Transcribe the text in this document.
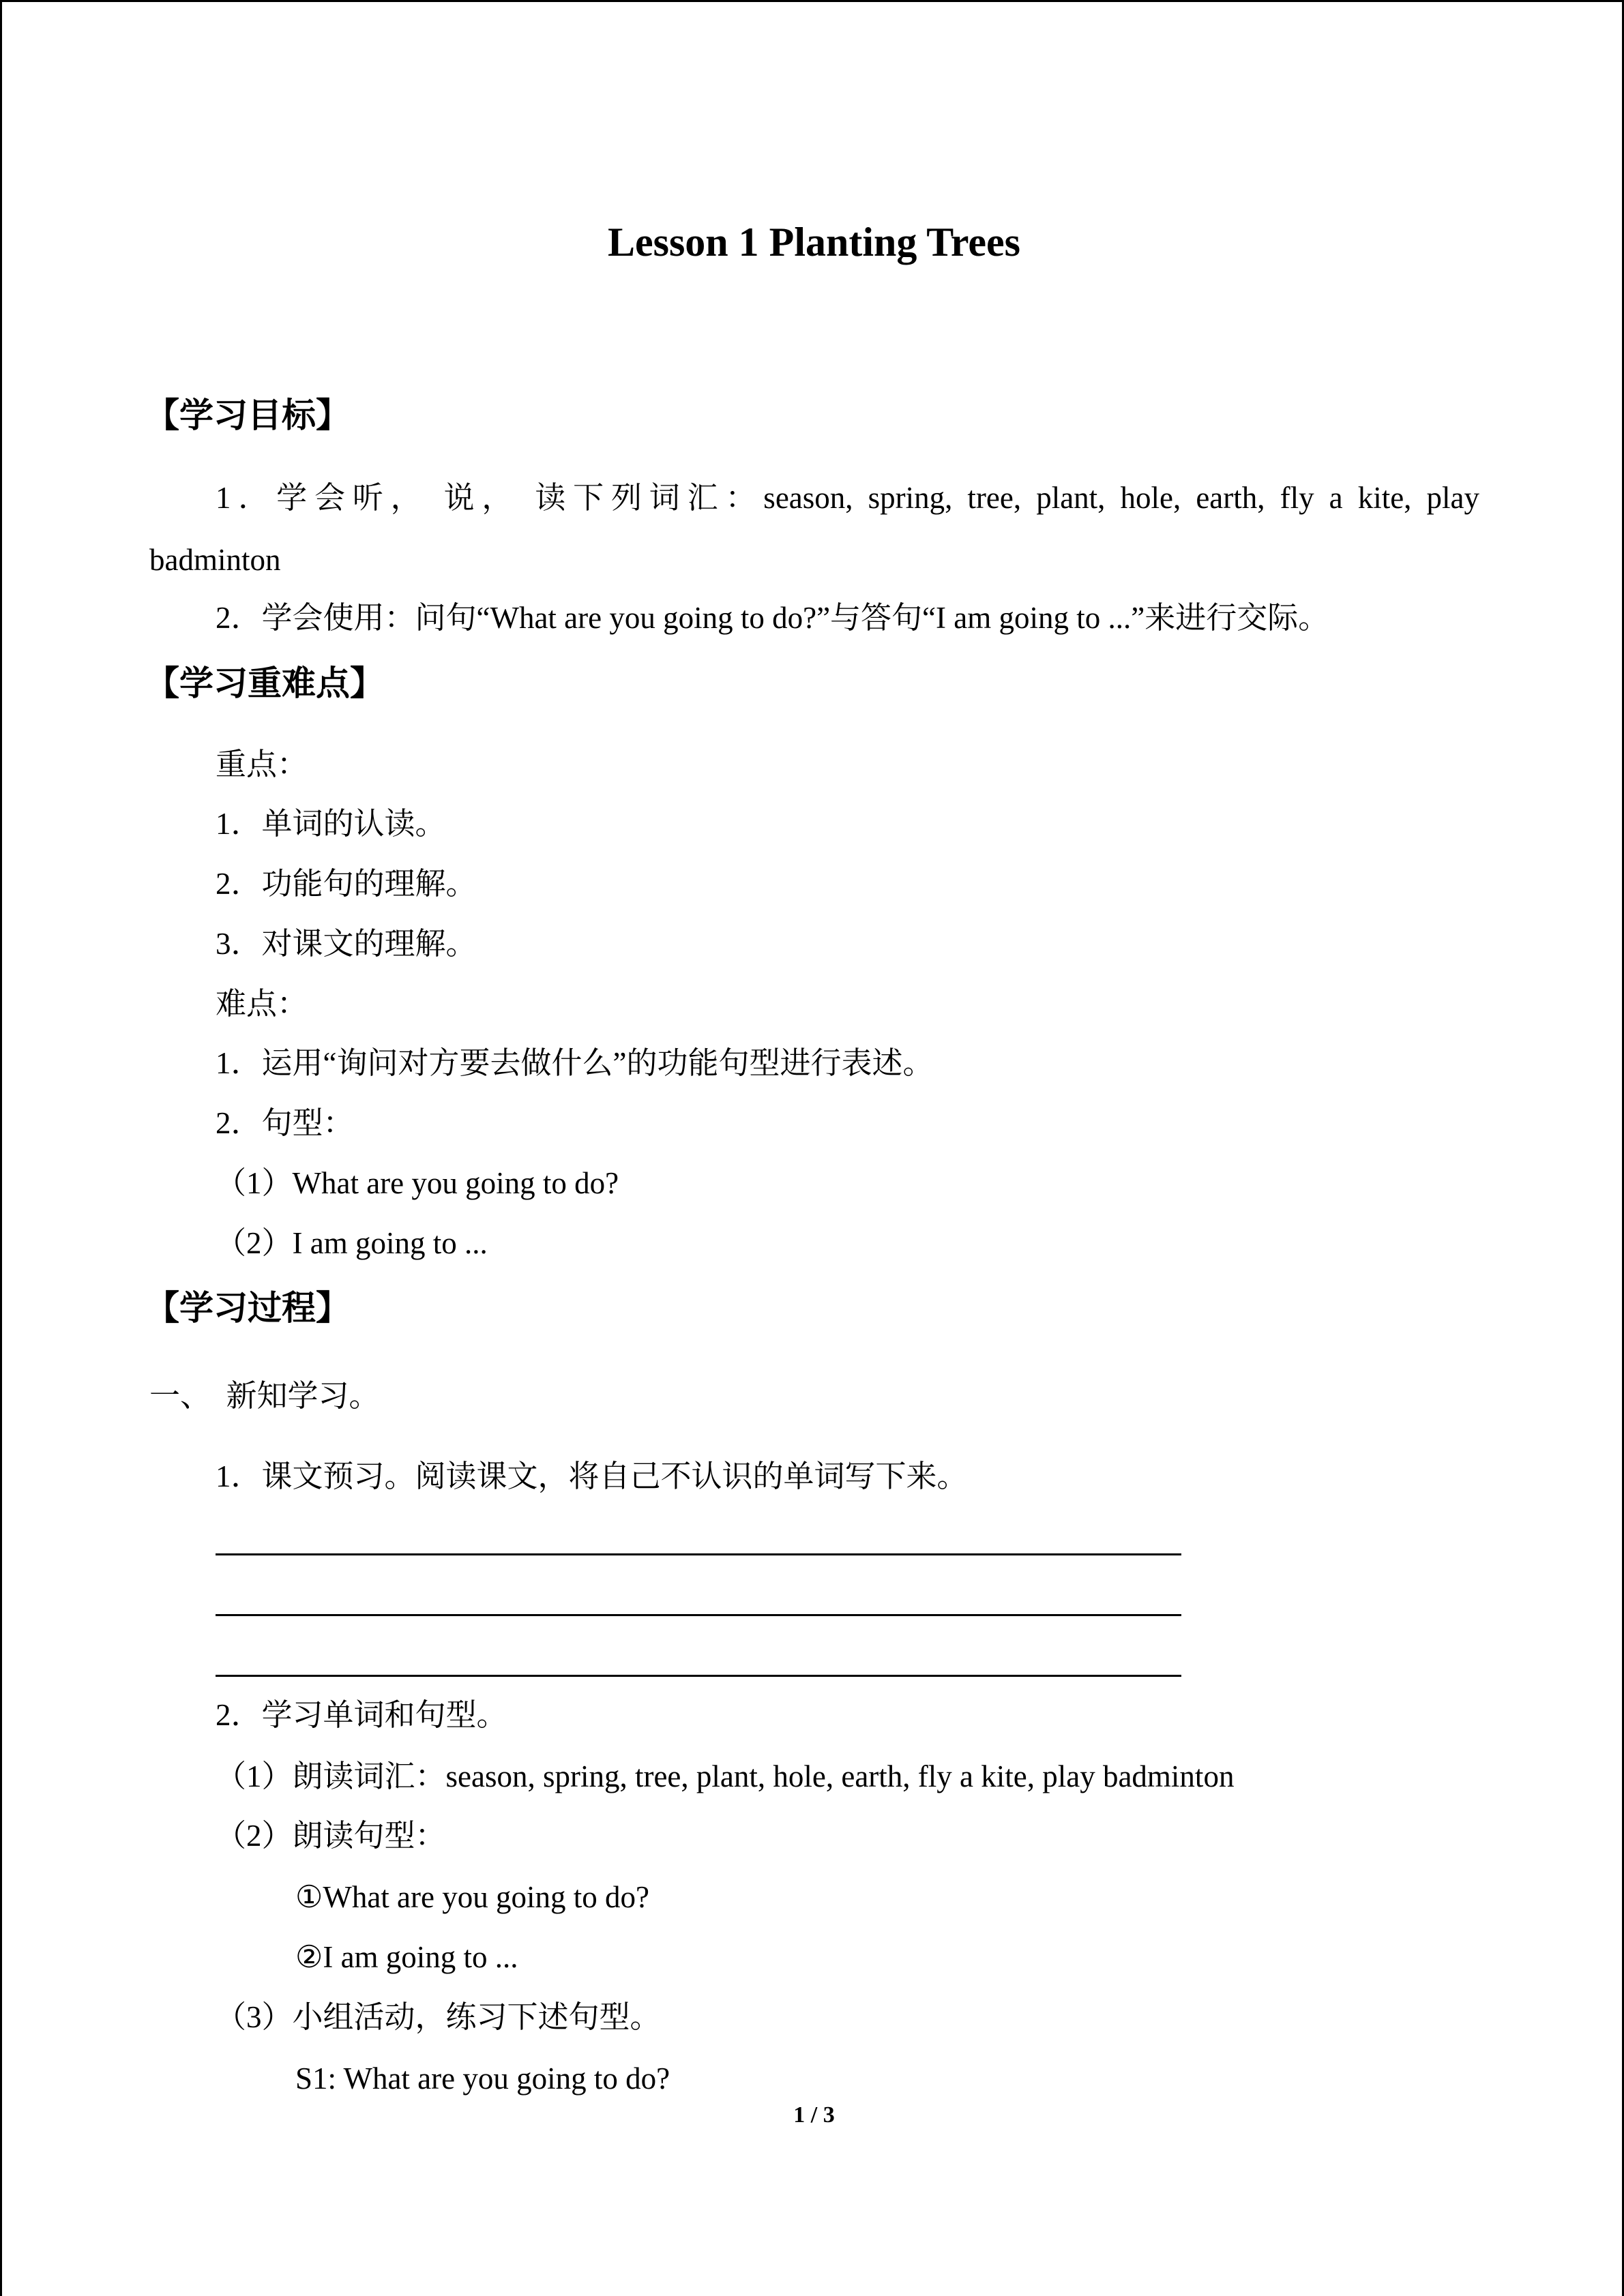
Lesson 1 Planting Trees
【学习目标】
1．学会听， 说， 读下列词汇：season, spring, tree, plant, hole, earth, fly a kite, play
badminton
2．学会使用：问句“What are you going to do?”与答句“I am going to ...”来进行交际。
【学习重难点】
重点：
1．单词的认读。
2．功能句的理解。
3．对课文的理解。
难点：
1．运用“询问对方要去做什么”的功能句型进行表述。
2．句型：
（1）What are you going to do?
（2）I am going to ...
【学习过程】
一、  新知学习。
1．课文预习。阅读课文，将自己不认识的单词写下来。
2．学习单词和句型。
（1）朗读词汇：season, spring, tree, plant, hole, earth, fly a kite, play badminton
（2）朗读句型：
①What are you going to do?
②I am going to ...
（3）小组活动，练习下述句型。
S1: What are you going to do?
1 / 3
